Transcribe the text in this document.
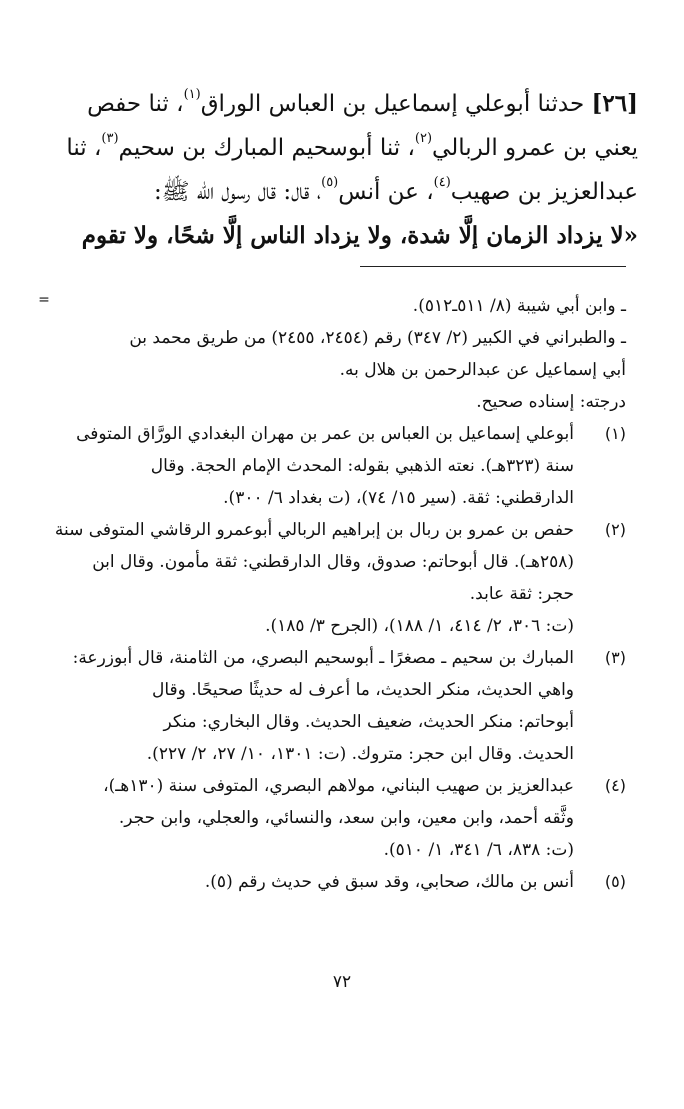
[٢٦] حدثنا أبوعلي إسماعيل بن العباس الوراق$^{(١)}$، ثنا حفص
يعني بن عمرو الربالي$^{(٢)}$، ثنا أبوسحيم المبارك بن سحيم$^{(٣)}$، ثنا
عبدالعزيز بن صهيب$^{(٤)}$، عن أنس$^{(٥)}$، قال: قال رسول الله ﷺ:
«لا يزداد الزمان إلَّا شدة، ولا يزداد الناس إلَّا شحًا، ولا تقوم
=	ـ وابن أبي شيبة (٨/ ٥١١ـ٥١٢).
ـ والطبراني في الكبير (٢/ ٣٤٧) رقم (٢٤٥٤، ٢٤٥٥) من طريق محمد بن
أبي إسماعيل عن عبدالرحمن بن هلال به.
درجته: إسناده صحيح.
(١)
أبوعلي إسماعيل بن العباس بن عمر بن مهران البغدادي الورَّاق المتوفى
سنة (٣٢٣هـ). نعته الذهبي بقوله: المحدث الإمام الحجة. وقال
الدارقطني: ثقة. (سير ١٥/ ٧٤)، (ت بغداد ٦/ ٣٠٠).
(٢)
حفص بن عمرو بن ربال بن إبراهيم الربالي أبوعمرو الرقاشي المتوفى سنة
(٢٥٨هـ). قال أبوحاتم: صدوق، وقال الدارقطني: ثقة مأمون. وقال ابن
حجر: ثقة عابد.
(ت: ٣٠٦، ٢/ ٤١٤، ١/ ١٨٨)، (الجرح ٣/ ١٨٥).
(٣)
المبارك بن سحيم ـ مصغرًا ـ أبوسحيم البصري، من الثامنة، قال أبوزرعة:
واهي الحديث، منكر الحديث، ما أعرف له حديثًا صحيحًا. وقال
أبوحاتم: منكر الحديث، ضعيف الحديث. وقال البخاري: منكر
الحديث. وقال ابن حجر: متروك. (ت: ١٣٠١، ١٠/ ٢٧، ٢/ ٢٢٧).
(٤)
عبدالعزيز بن صهيب البناني، مولاهم البصري، المتوفى سنة (١٣٠هـ)،
وثَّقه أحمد، وابن معين، وابن سعد، والنسائي، والعجلي، وابن حجر.
(ت: ٨٣٨، ٦/ ٣٤١، ١/ ٥١٠).
(٥)
أنس بن مالك، صحابي، وقد سبق في حديث رقم (٥).
٧٢
